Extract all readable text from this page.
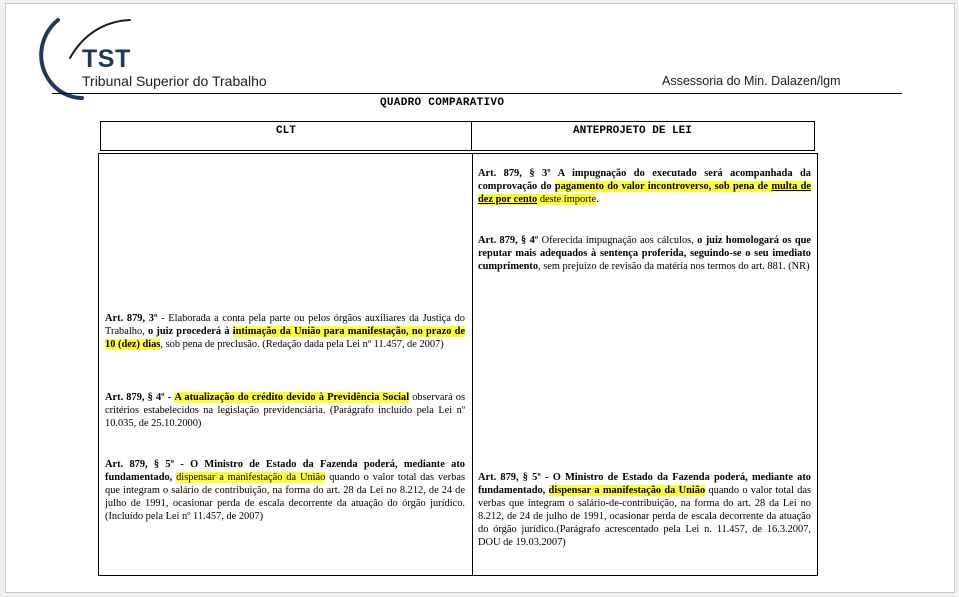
TST
Tribunal Superior do Trabalho	Assessoria do Min. Dalazen/lgm
QUADRO COMPARATIVO
CLT	ANTEPROJETO DE LEI
Art. 879, 3º - Elaborada a conta pela parte ou pelos órgãos auxiliares da Justiça do Trabalho, o juiz procederá à intimação da União para manifestação, no prazo de 10 (dez) dias, sob pena de preclusão. (Redação dada pela Lei nº 11.457, de 2007)
Art. 879, § 4º - A atualização do crédito devido à Previdência Social observará os critérios estabelecidos na legislação previdenciária. (Parágrafo incluído pela Lei nº 10.035, de 25.10.2000)
Art. 879, § 5º - O Ministro de Estado da Fazenda poderá, mediante ato fundamentado, dispensar a manifestação da União quando o valor total das verbas que integram o salário de contribuição, na forma do art. 28 da Lei no 8.212, de 24 de julho de 1991, ocasionar perda de escala decorrente da atuação do órgão jurídico. (Incluído pela Lei nº 11.457, de 2007)
Art. 879, § 3º A impugnação do executado será acompanhada da comprovação do pagamento do valor incontroverso, sob pena de multa de dez por cento deste importe.
Art. 879, § 4º Oferecida impugnação aos cálculos, o juiz homologará os que reputar mais adequados à sentença proferida, seguindo-se o seu imediato cumprimento, sem prejuízo de revisão da matéria nos termos do art. 881. (NR)
Art. 879, § 5º - O Ministro de Estado da Fazenda poderá, mediante ato fundamentado, dispensar a manifestação da União quando o valor total das verbas que integram o salário-de-contribuição, na forma do art. 28 da Lei no 8.212, de 24 de julho de 1991, ocasionar perda de escala decorrente da atuação do órgão jurídico.(Parágrafo acrescentado pela Lei n. 11.457, de 16.3.2007, DOU de 19.03.2007)
